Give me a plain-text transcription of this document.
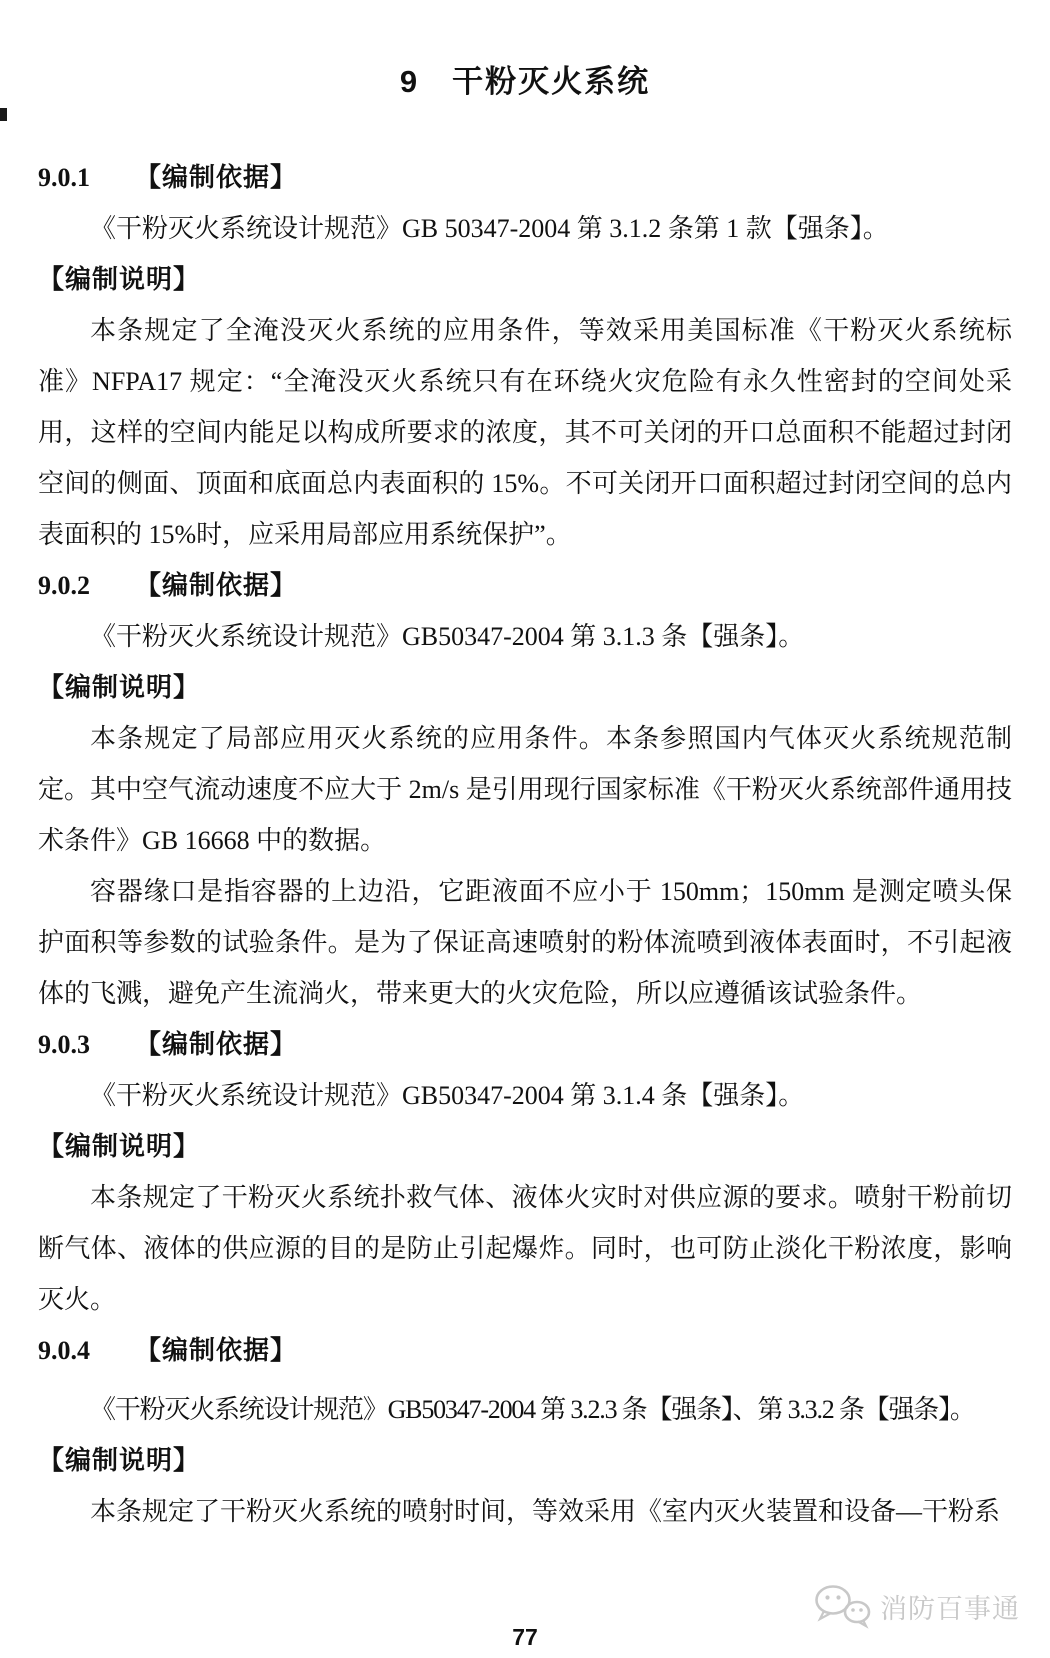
9　干粉灭火系统
9.0.1 【编制依据】

《干粉灭火系统设计规范》GB 50347-2004 第 3.1.2 条第 1 款【强条】。

【编制说明】

本条规定了全淹没灭火系统的应用条件，等效采用美国标准《干粉灭火系统标准》NFPA17 规定：“全淹没灭火系统只有在环绕火灾危险有永久性密封的空间处采用，这样的空间内能足以构成所要求的浓度，其不可关闭的开口总面积不能超过封闭空间的侧面、顶面和底面总内表面积的 15%。不可关闭开口面积超过封闭空间的总内表面积的 15%时，应采用局部应用系统保护”。

9.0.2 【编制依据】

《干粉灭火系统设计规范》GB50347-2004 第 3.1.3 条【强条】。

【编制说明】

本条规定了局部应用灭火系统的应用条件。本条参照国内气体灭火系统规范制定。其中空气流动速度不应大于 2m/s 是引用现行国家标准《干粉灭火系统部件通用技术条件》GB 16668 中的数据。

容器缘口是指容器的上边沿，它距液面不应小于 150mm；150mm 是测定喷头保护面积等参数的试验条件。是为了保证高速喷射的粉体流喷到液体表面时，不引起液体的飞溅，避免产生流淌火，带来更大的火灾危险，所以应遵循该试验条件。

9.0.3 【编制依据】

《干粉灭火系统设计规范》GB50347-2004 第 3.1.4 条【强条】。

【编制说明】

本条规定了干粉灭火系统扑救气体、液体火灾时对供应源的要求。喷射干粉前切断气体、液体的供应源的目的是防止引起爆炸。同时，也可防止淡化干粉浓度，影响灭火。

9.0.4 【编制依据】

《干粉灭火系统设计规范》GB50347-2004 第 3.2.3 条【强条】、第 3.3.2 条【强条】。

【编制说明】

本条规定了干粉灭火系统的喷射时间，等效采用《室内灭火装置和设备—干粉系

消防百事通
77
